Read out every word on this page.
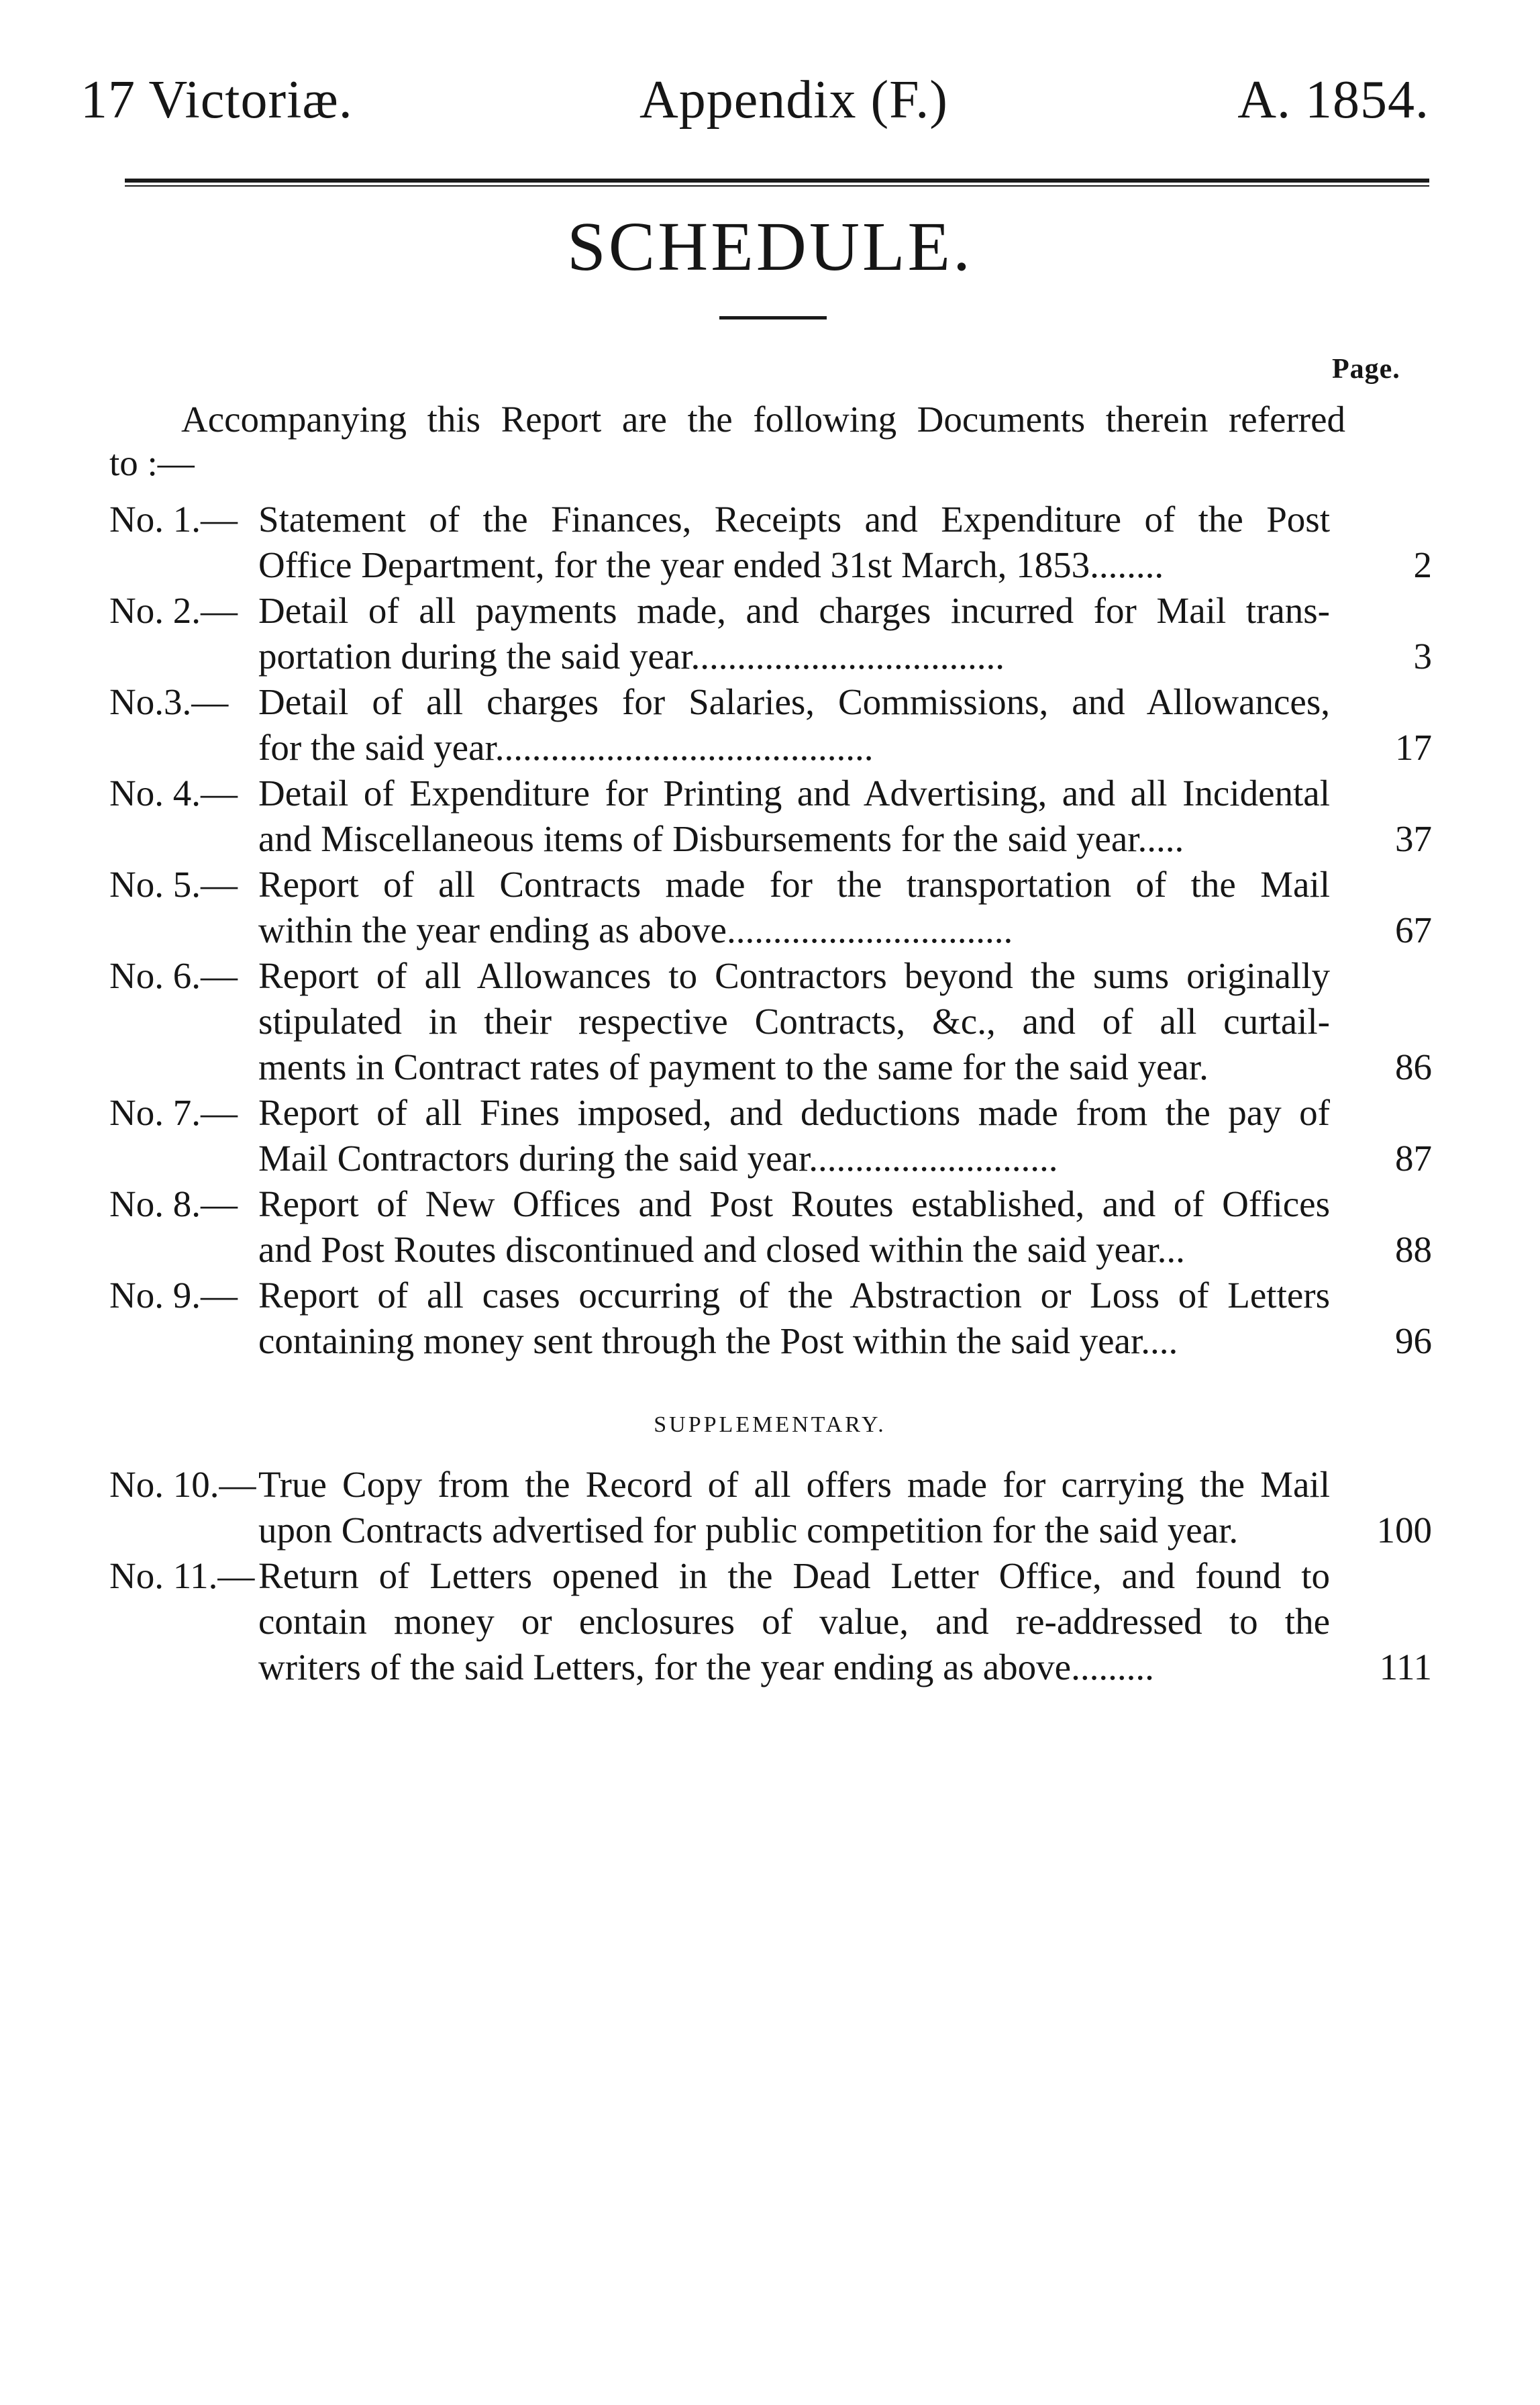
17 Victoriæ.	Appendix (F.)	A. 1854.
SCHEDULE.
Page.
Accompanying this Report are the following Documents therein referred
to :—
No. 1.— Statement of the Finances, Receipts and Expenditure of the Post
Office Department, for the year ended 31st March, 1853........	2
No. 2.— Detail of all payments made, and charges incurred for Mail trans-
portation during the said year..................................	3
No.3.— Detail of all charges for Salaries, Commissions, and Allowances,
for the said year.........................................	17
No. 4.— Detail of Expenditure for Printing and Advertising, and all Incidental
and Miscellaneous items of Disbursements for the said year.....	37
No. 5.— Report of all Contracts made for the transportation of the Mail
within the year ending as above...............................	67
No. 6.— Report of all Allowances to Contractors beyond the sums originally
stipulated in their respective Contracts, &c., and of all curtail-
ments in Contract rates of payment to the same for the said year.	86
No. 7.— Report of all Fines imposed, and deductions made from the pay of
Mail Contractors during the said year...........................	87
No. 8.— Report of New Offices and Post Routes established, and of Offices
and Post Routes discontinued and closed within the said year...	88
No. 9.— Report of all cases occurring of the Abstraction or Loss of Letters
containing money sent through the Post within the said year....	96
SUPPLEMENTARY.
No. 10.— True Copy from the Record of all offers made for carrying the Mail
upon Contracts advertised for public competition for the said year.	100
No. 11.— Return of Letters opened in the Dead Letter Office, and found to
contain money or enclosures of value, and re-addressed to the
writers of the said Letters, for the year ending as above.........	111
